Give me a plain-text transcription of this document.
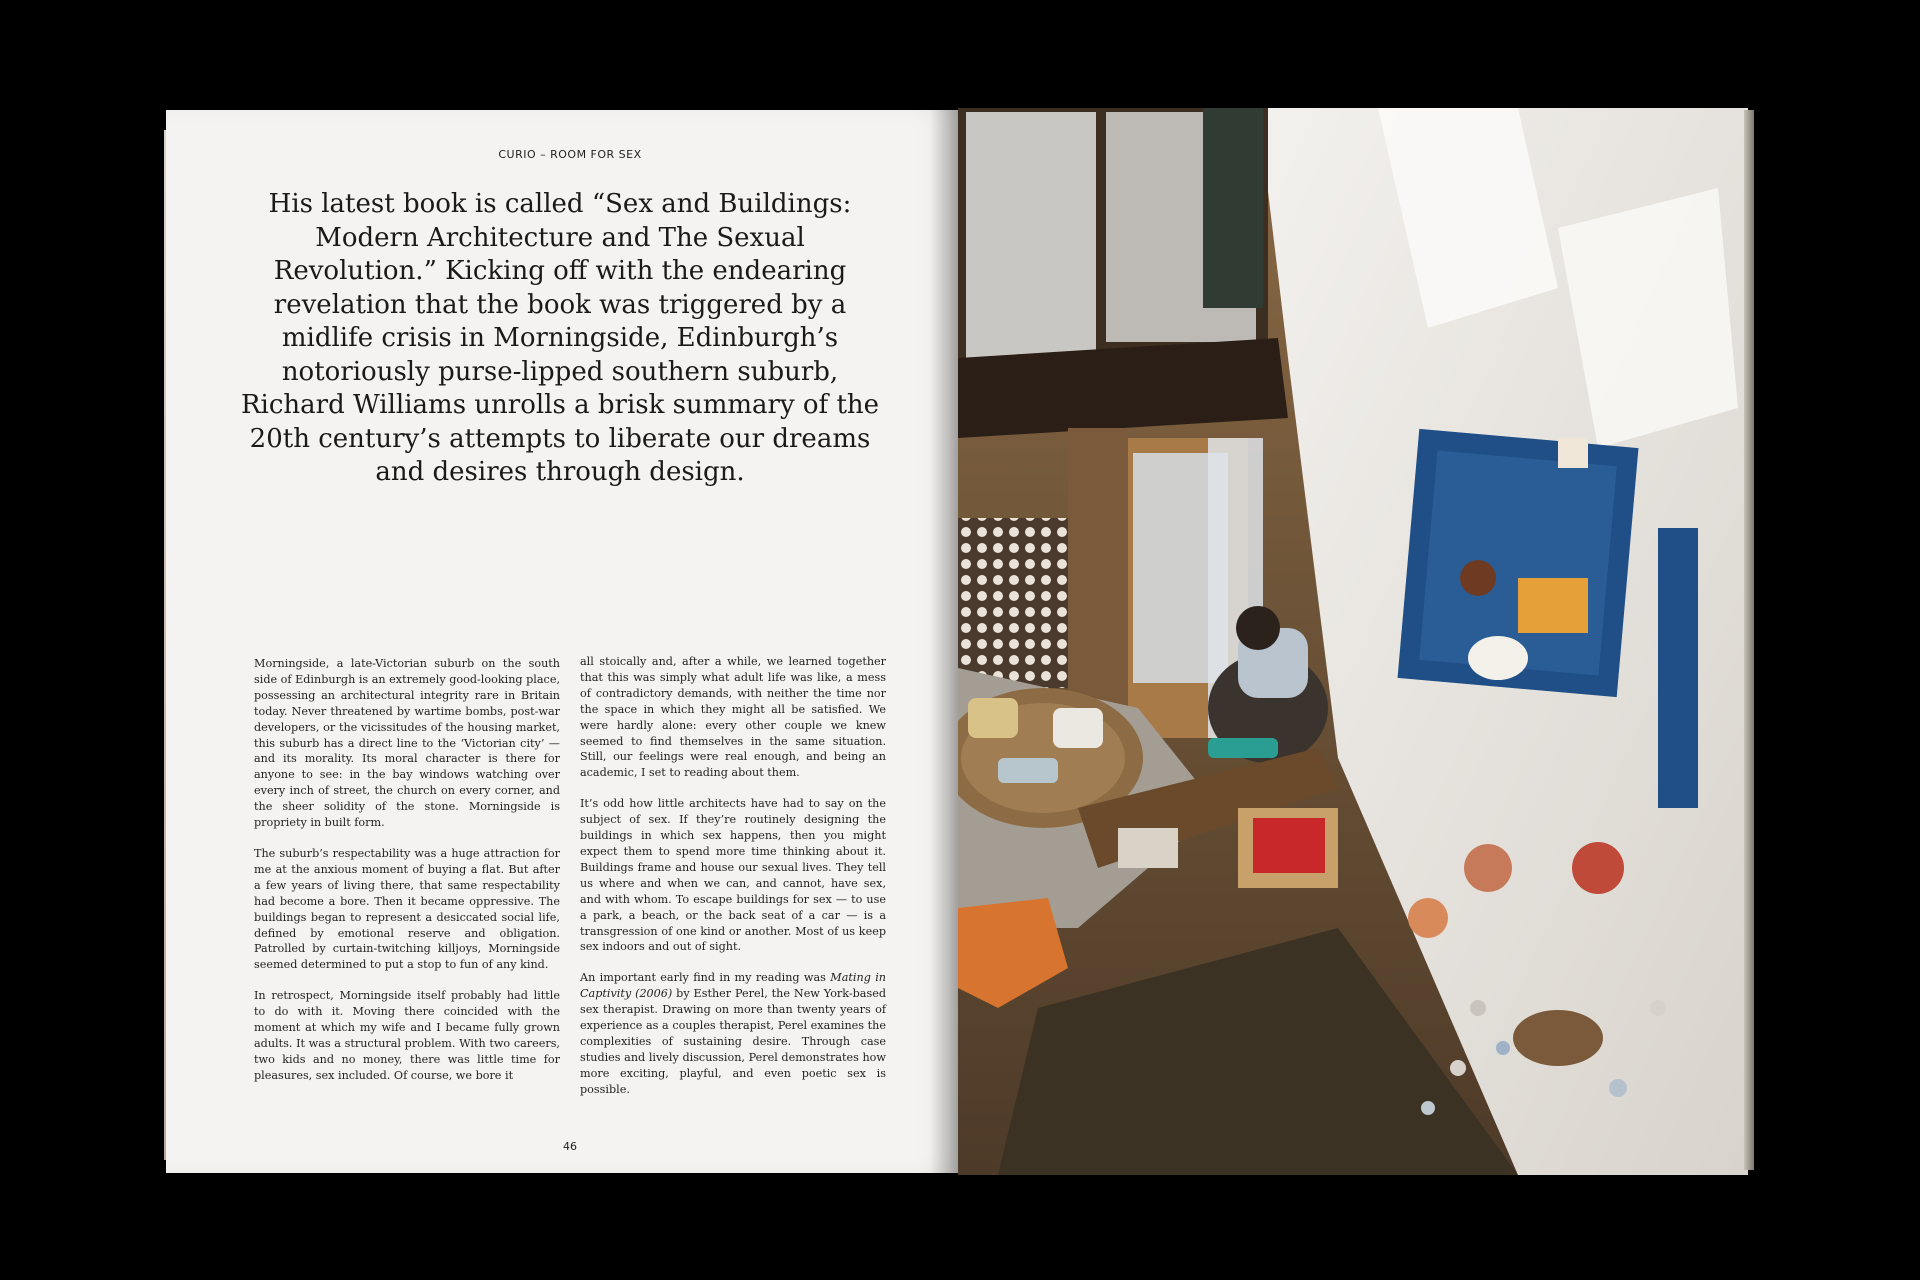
CURIO – ROOM FOR SEX
His latest book is called “Sex and Buildings: Modern Architecture and The Sexual Revolution.” Kicking off with the endearing revelation that the book was triggered by a midlife crisis in Morningside, Edinburgh’s notoriously purse-lipped southern suburb, Richard Williams unrolls a brisk summary of the 20th century’s attempts to liberate our dreams and desires through design.

Morningside, a late-Victorian suburb on the south side of Edinburgh is an extremely good-looking place, possessing an architectural integrity rare in Britain today. Never threatened by wartime bombs, post-war developers, or the vicissitudes of the housing market, this suburb has a direct line to the ‘Victorian city’ — and its morality. Its moral character is there for anyone to see: in the bay windows watching over every inch of street, the church on every corner, and the sheer solidity of the stone. Morningside is propriety in built form.

The suburb’s respectability was a huge attraction for me at the anxious moment of buying a flat. But after a few years of living there, that same respectability had become a bore. Then it became oppressive. The buildings began to represent a desiccated social life, defined by emotional reserve and obligation. Patrolled by curtain-twitching killjoys, Morningside seemed determined to put a stop to fun of any kind.

In retrospect, Morningside itself probably had little to do with it. Moving there coincided with the moment at which my wife and I became fully grown adults. It was a structural problem. With two careers, two kids and no money, there was little time for pleasures, sex included. Of course, we bore it

all stoically and, after a while, we learned together that this was simply what adult life was like, a mess of contradictory demands, with neither the time nor the space in which they might all be satisfied. We were hardly alone: every other couple we knew seemed to find themselves in the same situation. Still, our feelings were real enough, and being an academic, I set to reading about them.

It’s odd how little architects have had to say on the subject of sex. If they’re routinely designing the buildings in which sex happens, then you might expect them to spend more time thinking about it. Buildings frame and house our sexual lives. They tell us where and when we can, and cannot, have sex, and with whom. To escape buildings for sex — to use a park, a beach, or the back seat of a car — is a transgression of one kind or another. Most of us keep sex indoors and out of sight.

An important early find in my reading was Mating in Captivity (2006) by Esther Perel, the New York-based sex therapist. Drawing on more than twenty years of experience as a couples therapist, Perel examines the complexities of sustaining desire. Through case studies and lively discussion, Perel demonstrates how more exciting, playful, and even poetic sex is possible.

46
